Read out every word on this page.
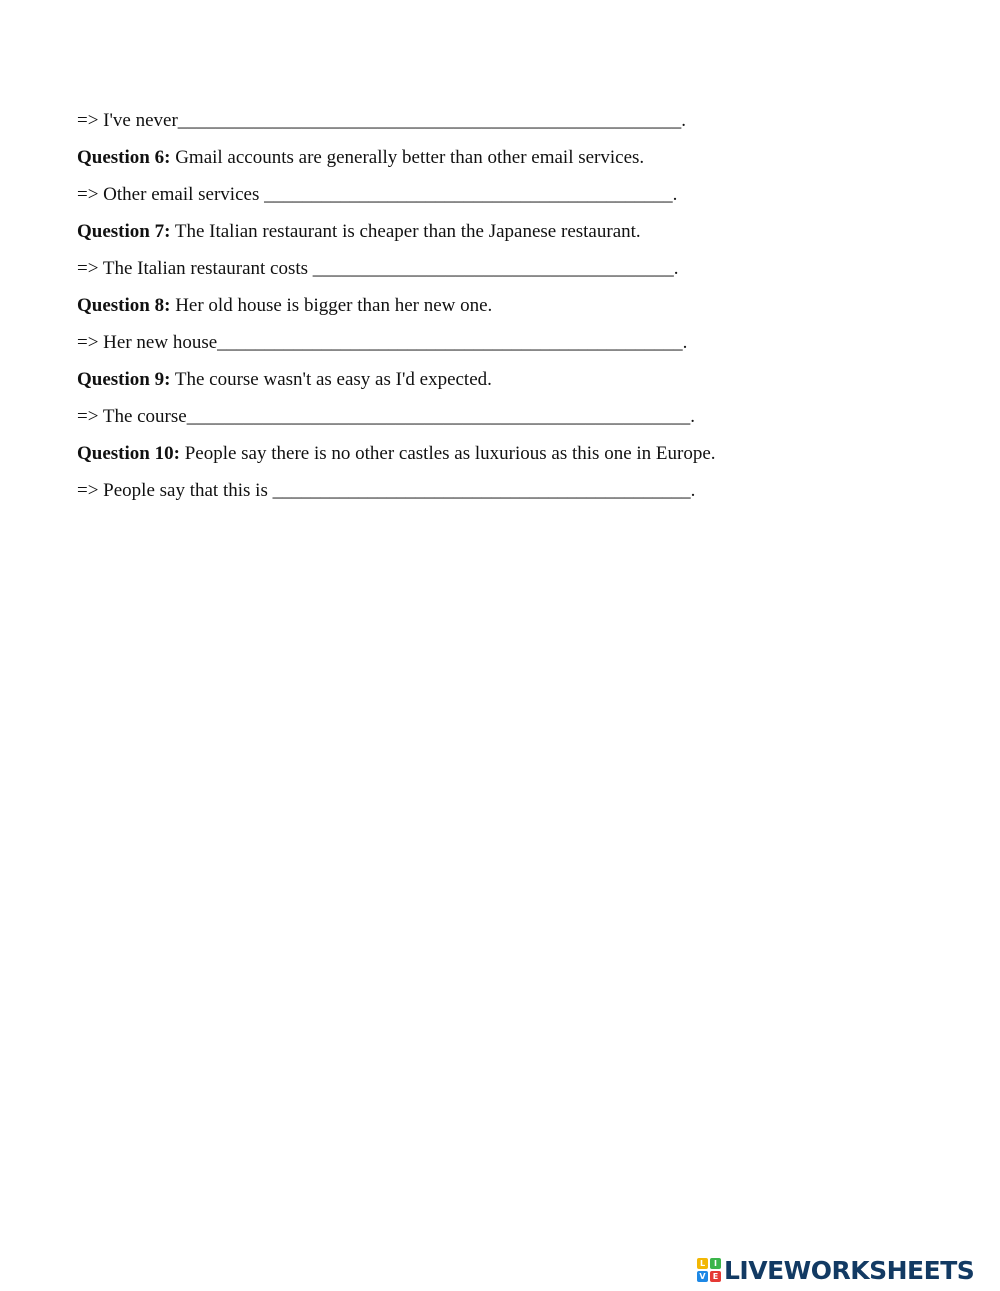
=> I've never_____________________________________________________.
Question 6: Gmail accounts are generally better than other email services.
=> Other email services ___________________________________________.
Question 7: The Italian restaurant is cheaper than the Japanese restaurant.
=> The Italian restaurant costs ______________________________________.
Question 8: Her old house is bigger than her new one.
=> Her new house_________________________________________________.
Question 9: The course wasn't as easy as I'd expected.
=> The course_____________________________________________________.
Question 10: People say there is no other castles as luxurious as this one in Europe.
=> People say that this is ____________________________________________.
L	I
V E LIVEWORKSHEETS
